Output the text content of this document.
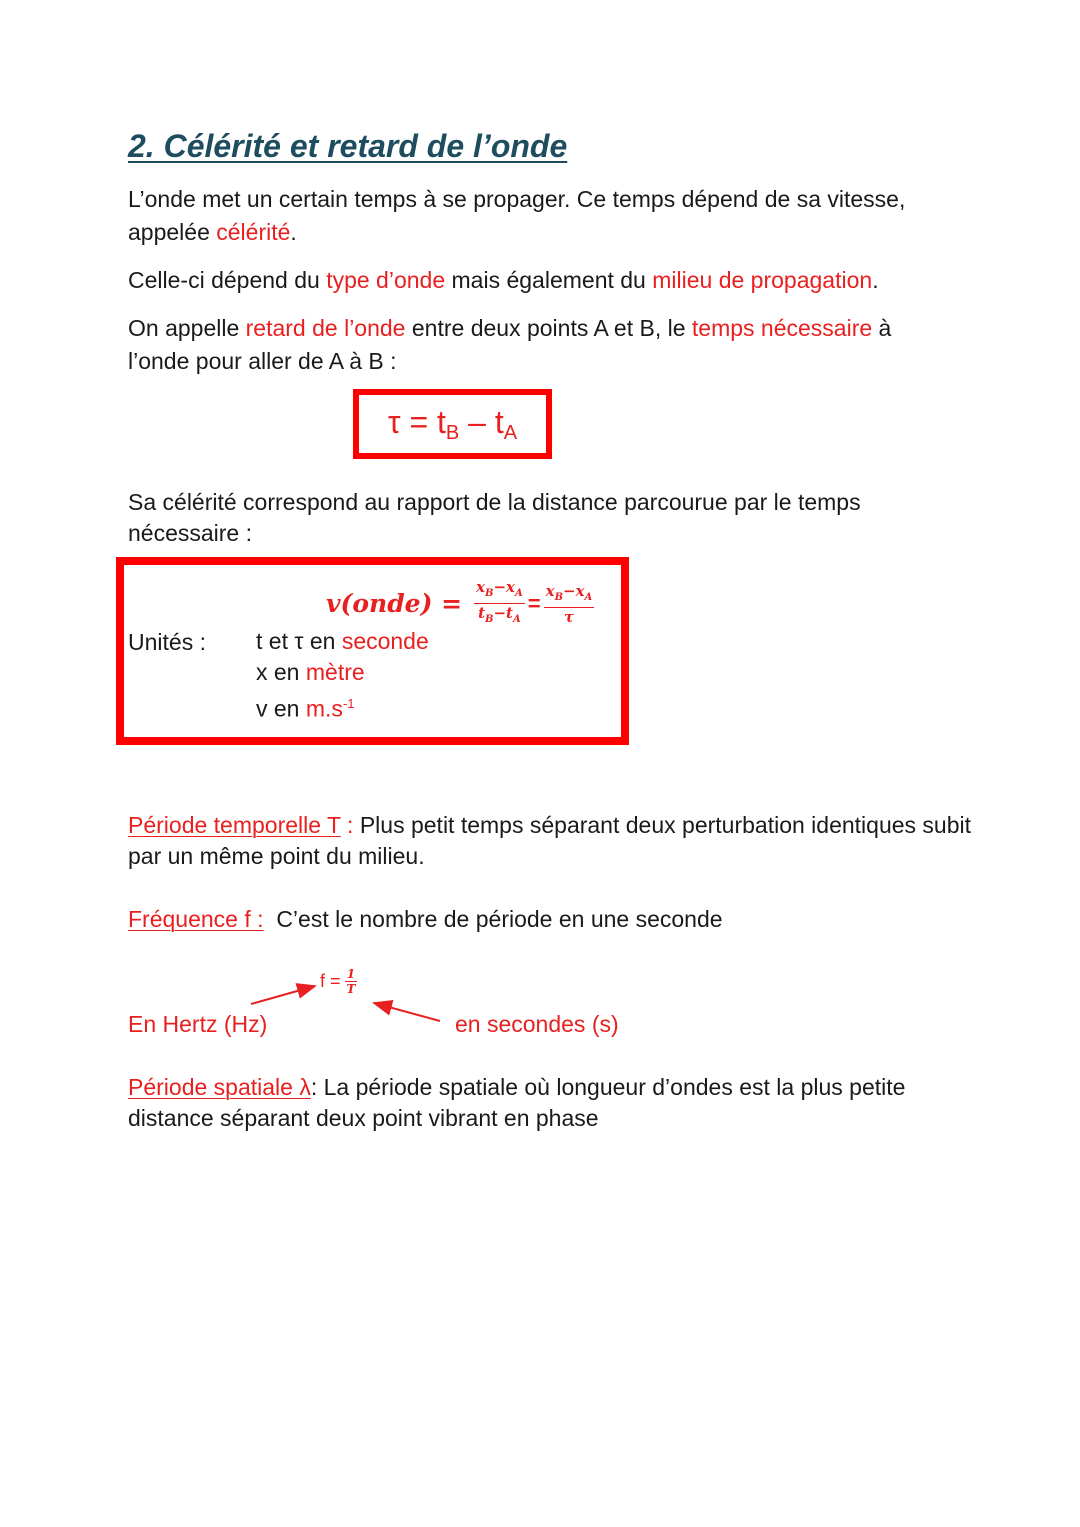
2. Célérité et retard de l’onde
L’onde met un certain temps à se propager. Ce temps dépend de sa vitesse, appelée célérité.
Celle-ci dépend du type d’onde mais également du milieu de propagation.
On appelle retard de l’onde entre deux points A et B, le temps nécessaire à l’onde pour aller de A à B :
$\tau = t_B - t_A$
Sa célérité correspond au rapport de la distance parcourue par le temps nécessaire :
v(onde) = $\frac{x_B-x_A}{t_B-t_A} = \frac{x_B-x_A}{\tau}$
Unités : t et τ en seconde
x en mètre
v en $m.s^{-1}$
Période temporelle T : Plus petit temps séparant deux perturbation identiques subit par un même point du milieu.
Fréquence f : C’est le nombre de période en une seconde
$f = \frac{1}{T}$
En Hertz (Hz)	en secondes (s)
Période spatiale λ: La période spatiale où longueur d’ondes est la plus petite distance séparant deux point vibrant en phase
